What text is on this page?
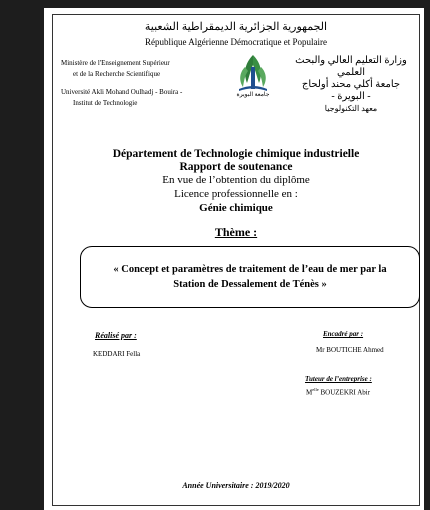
الجمهورية الجزائرية الديمقراطية الشعبية
République Algérienne Démocratique et Populaire
Ministère de l'Enseignement Supérieur
et de la Recherche Scientifique
Université Akli Mohand Oulhadj - Bouira -
Institut de Technologie
جامعة البويرة
وزارة التعليم العالي والبحث العلمي
جامعة أكلي محند أولحاج
- البويرة -
معهد التكنولوجيا
Département de Technologie chimique industrielle
Rapport de soutenance
En vue de l’obtention du diplôme
Licence professionnelle en :
Génie chimique
Thème :
« Concept et paramètres de traitement de l’eau de mer par la
Station de Dessalement de Ténès »
Réalisé par :
KEDDARI Fella
Encadré par :
Mr BOUTICHE Ahmed
Tuteur de l’entreprise :
$M^{elle}$ BOUZEKRI Abir
Année Universitaire : 2019/2020
